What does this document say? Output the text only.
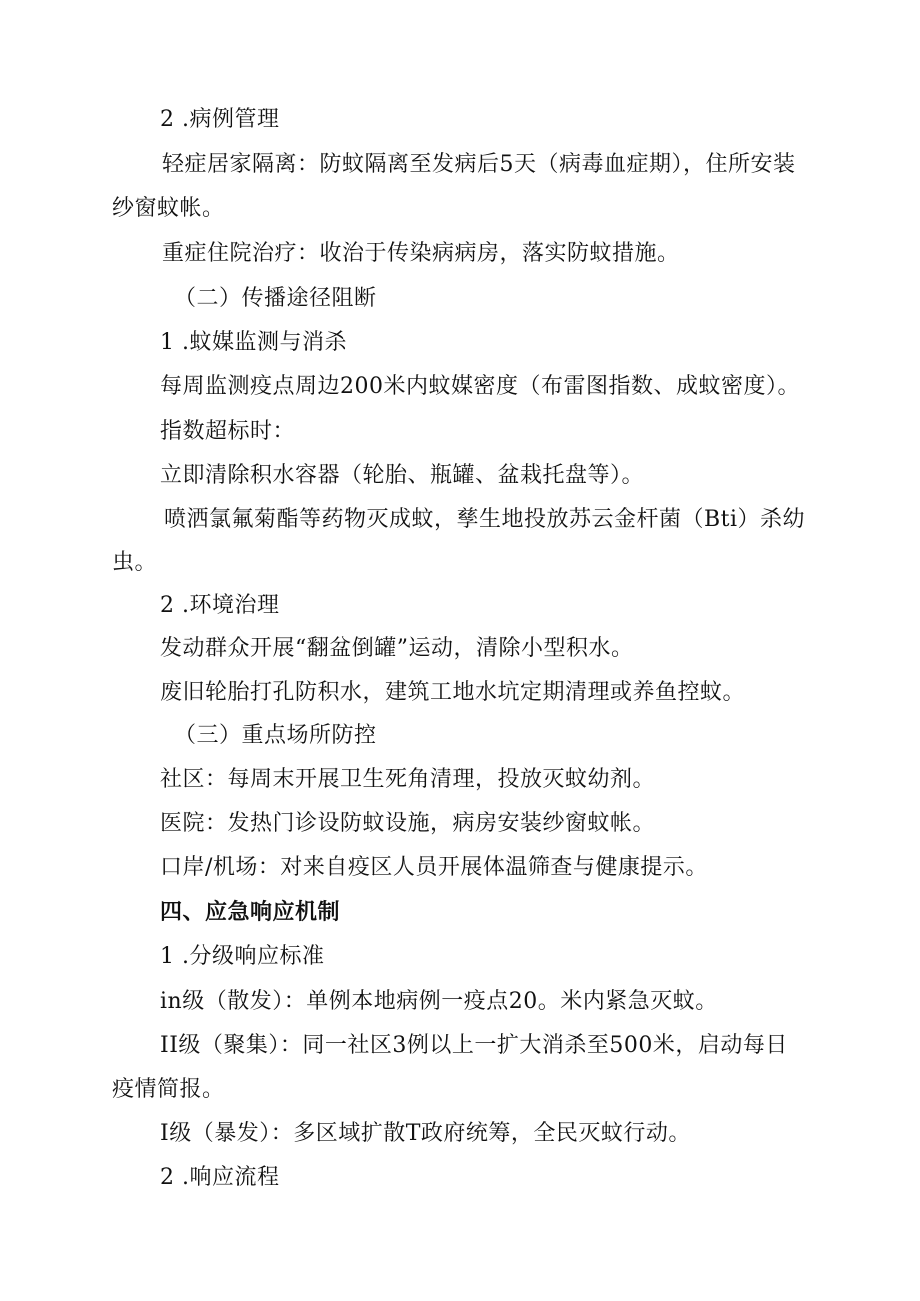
2 .病例管理
轻症居家隔离：防蚊隔离至发病后5天（病毒血症期），住所安装
纱窗蚊帐。
重症住院治疗：收治于传染病病房，落实防蚊措施。
（二）传播途径阻断
1 .蚊媒监测与消杀
每周监测疫点周边200米内蚊媒密度（布雷图指数、成蚊密度）。
指数超标时：
立即清除积水容器（轮胎、瓶罐、盆栽托盘等）。
喷洒氯氟菊酯等药物灭成蚊，孳生地投放苏云金杆菌（Bti）杀幼
虫。
2 .环境治理
发动群众开展“翻盆倒罐”运动，清除小型积水。
废旧轮胎打孔防积水，建筑工地水坑定期清理或养鱼控蚊。
（三）重点场所防控
社区：每周末开展卫生死角清理，投放灭蚊幼剂。
医院：发热门诊设防蚊设施，病房安装纱窗蚊帐。
口岸/机场：对来自疫区人员开展体温筛查与健康提示。
四、应急响应机制
1 .分级响应标准
in级（散发）：单例本地病例一疫点20。米内紧急灭蚊。
II级（聚集）：同一社区3例以上一扩大消杀至500米，启动每日
疫情简报。
I级（暴发）：多区域扩散T政府统筹，全民灭蚊行动。
2 .响应流程
